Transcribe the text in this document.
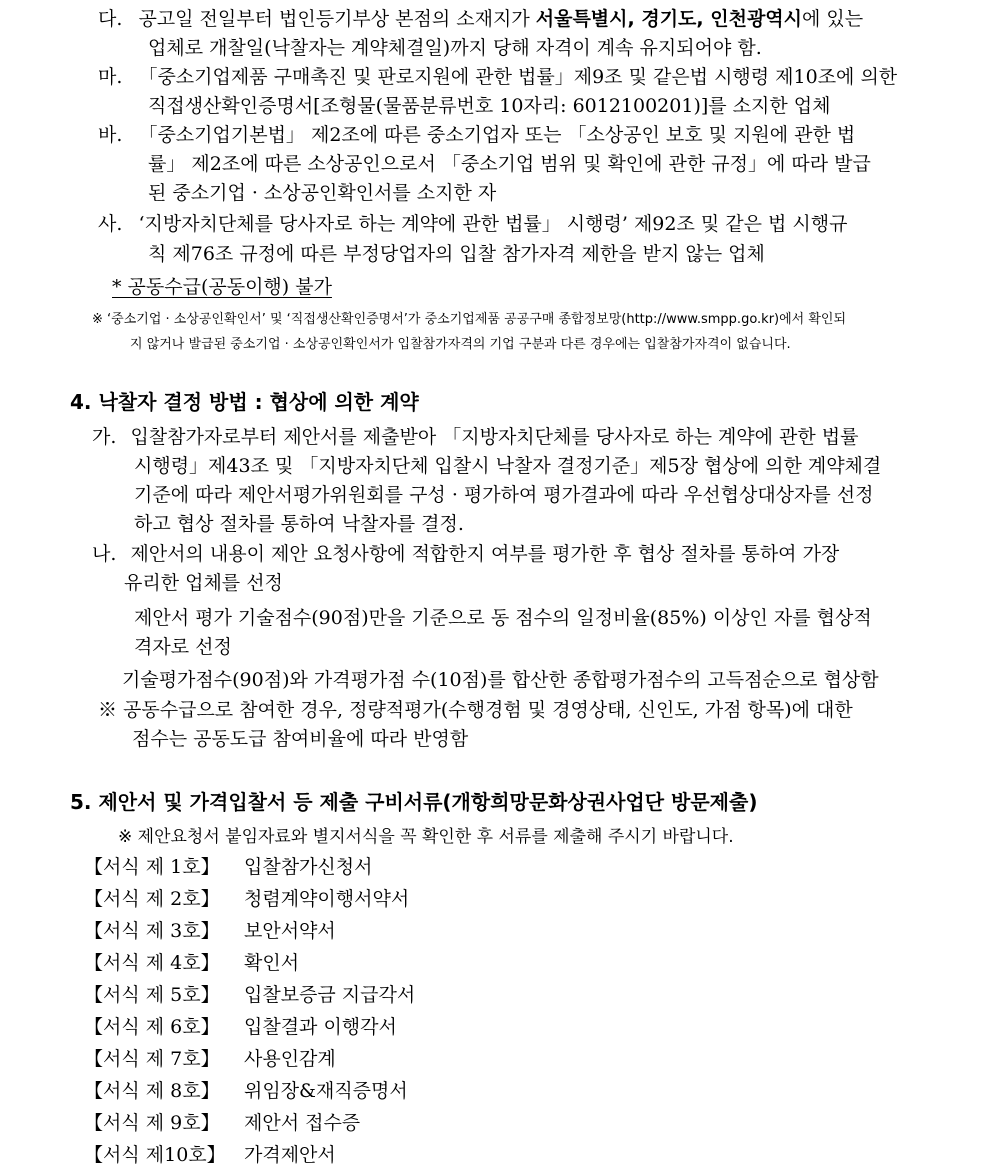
다. 공고일 전일부터 법인등기부상 본점의 소재지가 서울특별시, 경기도, 인천광역시에 있는
업체로 개찰일(낙찰자는 계약체결일)까지 당해 자격이 계속 유지되어야 함.
마. 「중소기업제품 구매촉진 및 판로지원에 관한 법률」제9조 및 같은법 시행령 제10조에 의한
직접생산확인증명서[조형물(물품분류번호 10자리: 6012100201)]를 소지한 업체
바. 「중소기업기본법」 제2조에 따른 중소기업자 또는 「소상공인 보호 및 지원에 관한 법
률」 제2조에 따른 소상공인으로서 「중소기업 범위 및 확인에 관한 규정」에 따라 발급
된 중소기업 · 소상공인확인서를 소지한 자
사. ‘지방자치단체를 당사자로 하는 계약에 관한 법률」 시행령’ 제92조 및 같은 법 시행규
칙 제76조 규정에 따른 부정당업자의 입찰 참가자격 제한을 받지 않는 업체
* 공동수급(공동이행) 불가
※ ‘중소기업 · 소상공인확인서’ 및 ‘직접생산확인증명서’가 중소기업제품 공공구매 종합정보망(http://www.smpp.go.kr)에서 확인되
지 않거나 발급된 중소기업 · 소상공인확인서가 입찰참가자격의 기업 구분과 다른 경우에는 입찰참가자격이 없습니다.
4. 낙찰자 결정 방법 : 협상에 의한 계약
가. 입찰참가자로부터 제안서를 제출받아 「지방자치단체를 당사자로 하는 계약에 관한 법률
시행령」제43조 및 「지방자치단체 입찰시 낙찰자 결정기준」제5장 협상에 의한 계약체결
기준에 따라 제안서평가위원회를 구성 · 평가하여 평가결과에 따라 우선협상대상자를 선정
하고 협상 절차를 통하여 낙찰자를 결정.
나. 제안서의 내용이 제안 요청사항에 적합한지 여부를 평가한 후 협상 절차를 통하여 가장
유리한 업체를 선정
제안서 평가 기술점수(90점)만을 기준으로 동 점수의 일정비율(85%) 이상인 자를 협상적
격자로 선정
기술평가점수(90점)와 가격평가점 수(10점)를 합산한 종합평가점수의 고득점순으로 협상함
※ 공동수급으로 참여한 경우, 정량적평가(수행경험 및 경영상태, 신인도, 가점 항목)에 대한
점수는 공동도급 참여비율에 따라 반영함
5. 제안서 및 가격입찰서 등 제출 구비서류(개항희망문화상권사업단 방문제출)
※ 제안요청서 붙임자료와 별지서식을 꼭 확인한 후 서류를 제출해 주시기 바랍니다.
【서식 제 1호】 입찰참가신청서
【서식 제 2호】 청렴계약이행서약서
【서식 제 3호】 보안서약서
【서식 제 4호】 확인서
【서식 제 5호】 입찰보증금 지급각서
【서식 제 6호】 입찰결과 이행각서
【서식 제 7호】 사용인감계
【서식 제 8호】 위임장&재직증명서
【서식 제 9호】 제안서 접수증
【서식 제10호】 가격제안서
